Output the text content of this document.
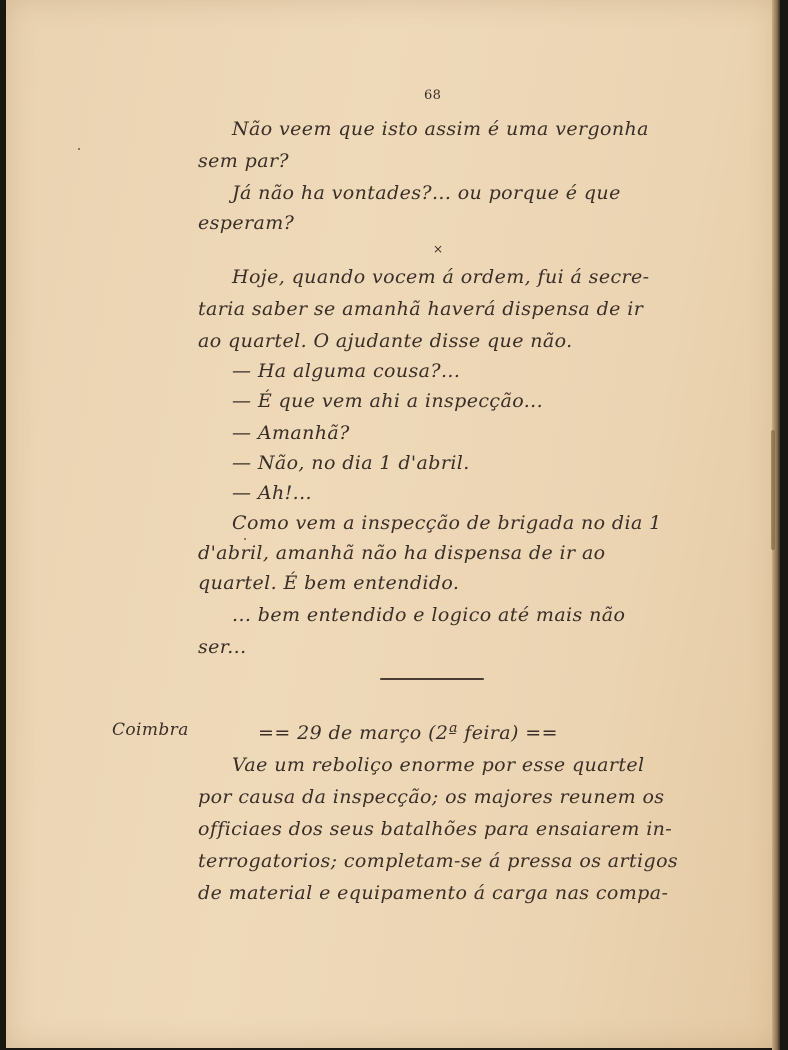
68
Não veem que isto assim é uma vergonha
sem par?
Já não ha vontades?... ou porque é que
esperam?
×
Hoje, quando vocem á ordem, fui á secre-
taria saber se amanhã haverá dispensa de ir
ao quartel. O ajudante disse que não.
— Ha alguma cousa?...
— É que vem ahi a inspecção...
— Amanhã?
— Não, no dia 1 d'abril.
— Ah!...
Como vem a inspecção de brigada no dia 1
d'abril, amanhã não ha dispensa de ir ao
quartel. É bem entendido.
... bem entendido e logico até mais não
ser...
Coimbra	== 29 de março (2ª feira) ==
Vae um reboliço enorme por esse quartel
por causa da inspecção; os majores reunem os
officiaes dos seus batalhões para ensaiarem in-
terrogatorios; completam-se á pressa os artigos
de material e equipamento á carga nas compa-
